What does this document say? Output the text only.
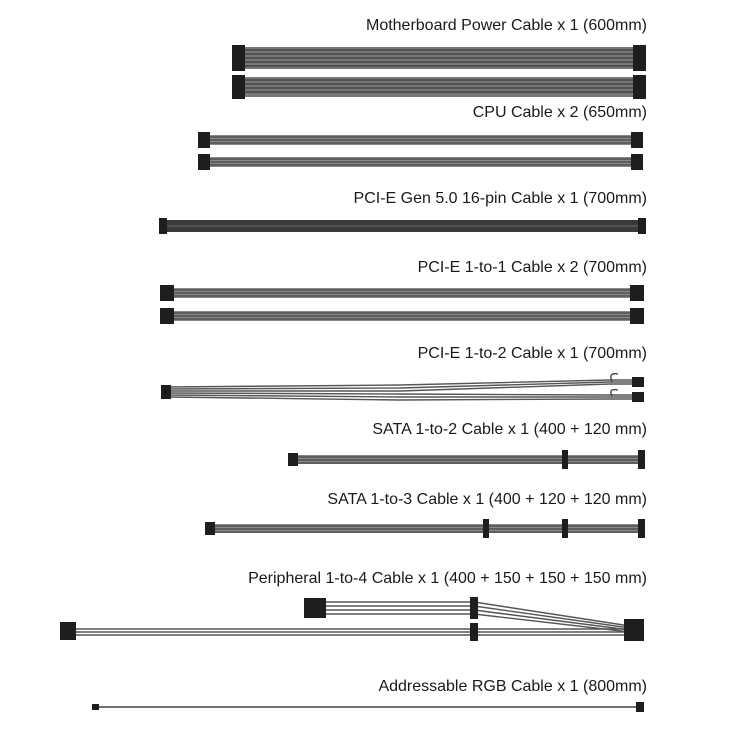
Motherboard Power Cable x 1 (600mm)
CPU Cable x 2 (650mm)
PCI-E Gen 5.0 16-pin Cable x 1 (700mm)
PCI-E 1-to-1 Cable x 2 (700mm)
PCI-E 1-to-2 Cable x 1 (700mm)
SATA 1-to-2 Cable x 1 (400 + 120 mm)
SATA 1-to-3 Cable x 1 (400 + 120 + 120 mm)
Peripheral 1-to-4 Cable x 1 (400 + 150 + 150 + 150 mm)
Addressable RGB Cable x 1 (800mm)
